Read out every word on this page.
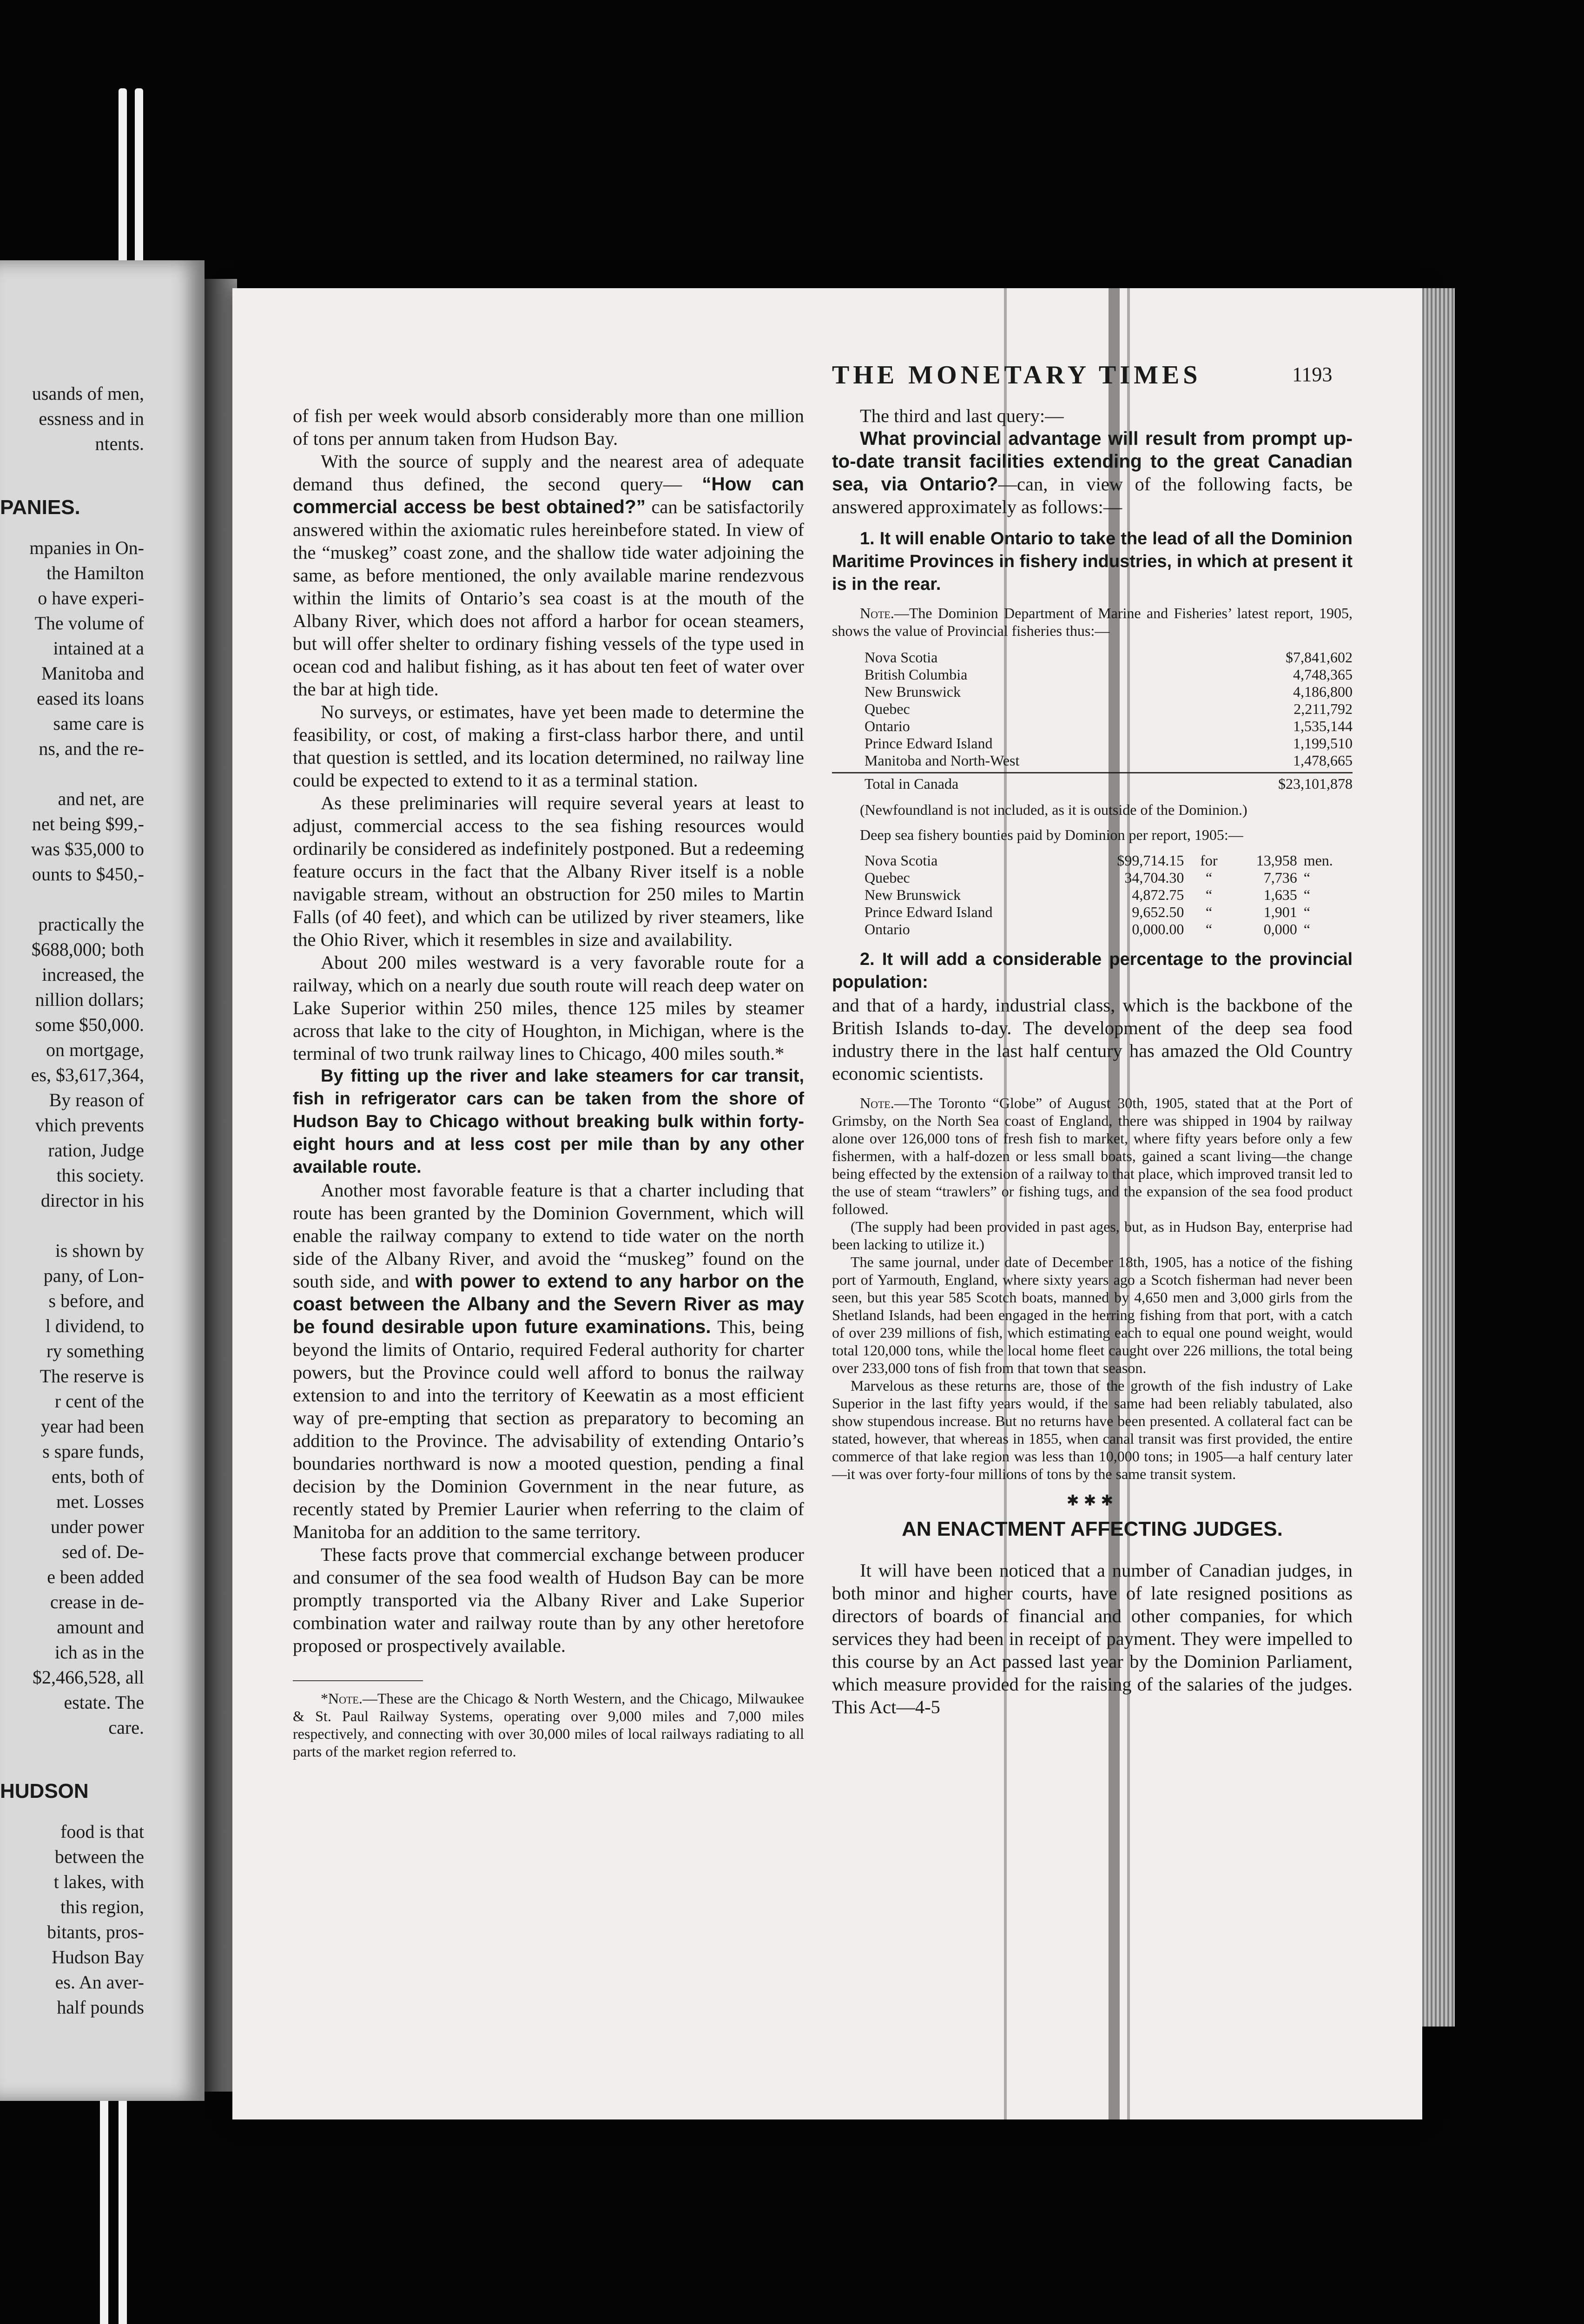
usands of men,
essness and in
ntents.
PANIES.
mpanies in On-
the Hamilton
o have experi-
The volume of
intained at a
Manitoba and
eased its loans
same care is
ns, and the re-
and net, are
net being $99,-
was $35,000 to
ounts to $450,-
practically the
$688,000; both
increased, the
nillion dollars;
some $50,000.
on mortgage,
es, $3,617,364,
By reason of
vhich prevents
ration, Judge
this society.
director in his
is shown by
pany, of Lon-
s before, and
l dividend, to
ry something
The reserve is
r cent of the
year had been
s spare funds,
ents, both of
met. Losses
under power
sed of. De-
e been added
crease in de-
amount and
ich as in the
$2,466,528, all
estate. The
care.
HUDSON
food is that
between the
t lakes, with
this region,
bitants, pros-
Hudson Bay
es. An aver-
half pounds
THE MONETARY TIMES	1193

of fish per week would absorb considerably more than one million of tons per annum taken from Hudson Bay.

With the source of supply and the nearest area of adequate demand thus defined, the second query— “How can commercial access be best obtained?” can be satisfactorily answered within the axiomatic rules hereinbefore stated. In view of the “muskeg” coast zone, and the shallow tide water adjoining the same, as before mentioned, the only available marine rendezvous within the limits of Ontario’s sea coast is at the mouth of the Albany River, which does not afford a harbor for ocean steamers, but will offer shelter to ordinary fishing vessels of the type used in ocean cod and halibut fishing, as it has about ten feet of water over the bar at high tide.

No surveys, or estimates, have yet been made to determine the feasibility, or cost, of making a first-class harbor there, and until that question is settled, and its location determined, no railway line could be expected to extend to it as a terminal station.

As these preliminaries will require several years at least to adjust, commercial access to the sea fishing resources would ordinarily be considered as indefinitely postponed. But a redeeming feature occurs in the fact that the Albany River itself is a noble navigable stream, without an obstruction for 250 miles to Martin Falls (of 40 feet), and which can be utilized by river steamers, like the Ohio River, which it resembles in size and availability.

About 200 miles westward is a very favorable route for a railway, which on a nearly due south route will reach deep water on Lake Superior within 250 miles, thence 125 miles by steamer across that lake to the city of Houghton, in Michigan, where is the terminal of two trunk railway lines to Chicago, 400 miles south.*

By fitting up the river and lake steamers for car transit, fish in refrigerator cars can be taken from the shore of Hudson Bay to Chicago without breaking bulk within forty-eight hours and at less cost per mile than by any other available route.

Another most favorable feature is that a charter including that route has been granted by the Dominion Government, which will enable the railway company to extend to tide water on the north side of the Albany River, and avoid the “muskeg” found on the south side, and with power to extend to any harbor on the coast between the Albany and the Severn River as may be found desirable upon future examinations. This, being beyond the limits of Ontario, required Federal authority for charter powers, but the Province could well afford to bonus the railway extension to and into the territory of Keewatin as a most efficient way of pre-empting that section as preparatory to becoming an addition to the Province. The advisability of extending Ontario’s boundaries northward is now a mooted question, pending a final decision by the Dominion Government in the near future, as recently stated by Premier Laurier when referring to the claim of Manitoba for an addition to the same territory.

These facts prove that commercial exchange between producer and consumer of the sea food wealth of Hudson Bay can be more promptly transported via the Albany River and Lake Superior combination water and railway route than by any other heretofore proposed or prospectively available.

*Note.—These are the Chicago & North Western, and the Chicago, Milwaukee & St. Paul Railway Systems, operating over 9,000 miles and 7,000 miles respectively, and connecting with over 30,000 miles of local railways radiating to all parts of the market region referred to.

The third and last query:—

What provincial advantage will result from prompt up-to-date transit facilities extending to the great Canadian sea, via Ontario?—can, in view of the following facts, be answered approximately as follows:—

1. It will enable Ontario to take the lead of all the Dominion Maritime Provinces in fishery industries, in which at present it is in the rear.

Note.—The Dominion Department of Marine and Fisheries’ latest report, 1905, shows the value of Provincial fisheries thus:—

Nova Scotia	$7,841,602
British Columbia	4,748,365
New Brunswick	4,186,800
Quebec	2,211,792
Ontario	1,535,144
Prince Edward Island	1,199,510
Manitoba and North-West	1,478,665
Total in Canada	$23,101,878

(Newfoundland is not included, as it is outside of the Dominion.)

Deep sea fishery bounties paid by Dominion per report, 1905:—

Nova Scotia	$99,714.15	for	13,958	men.
Quebec	34,704.30	“	7,736	“
New Brunswick	4,872.75	“	1,635	“
Prince Edward Island	9,652.50	“	1,901	“
Ontario	0,000.00	“	0,000	“

2. It will add a considerable percentage to the provincial population:

and that of a hardy, industrial class, which is the backbone of the British Islands to-day. The development of the deep sea food industry there in the last half century has amazed the Old Country economic scientists.

Note.—The Toronto “Globe” of August 30th, 1905, stated that at the Port of Grimsby, on the North Sea coast of England, there was shipped in 1904 by railway alone over 126,000 tons of fresh fish to market, where fifty years before only a few fishermen, with a half-dozen or less small boats, gained a scant living—the change being effected by the extension of a railway to that place, which improved transit led to the use of steam “trawlers” or fishing tugs, and the expansion of the sea food product followed.

(The supply had been provided in past ages, but, as in Hudson Bay, enterprise had been lacking to utilize it.)

The same journal, under date of December 18th, 1905, has a notice of the fishing port of Yarmouth, England, where sixty years ago a Scotch fisherman had never been seen, but this year 585 Scotch boats, manned by 4,650 men and 3,000 girls from the Shetland Islands, had been engaged in the herring fishing from that port, with a catch of over 239 millions of fish, which estimating each to equal one pound weight, would total 120,000 tons, while the local home fleet caught over 226 millions, the total being over 233,000 tons of fish from that town that season.

Marvelous as these returns are, those of the growth of the fish industry of Lake Superior in the last fifty years would, if the same had been reliably tabulated, also show stupendous increase. But no returns have been presented. A collateral fact can be stated, however, that whereas in 1855, when canal transit was first provided, the entire commerce of that lake region was less than 10,000 tons; in 1905—a half century later—it was over forty-four millions of tons by the same transit system.

✱✱✱
AN ENACTMENT AFFECTING JUDGES.

It will have been noticed that a number of Canadian judges, in both minor and higher courts, have of late resigned positions as directors of boards of financial and other companies, for which services they had been in receipt of payment. They were impelled to this course by an Act passed last year by the Dominion Parliament, which measure provided for the raising of the salaries of the judges. This Act—4-5
